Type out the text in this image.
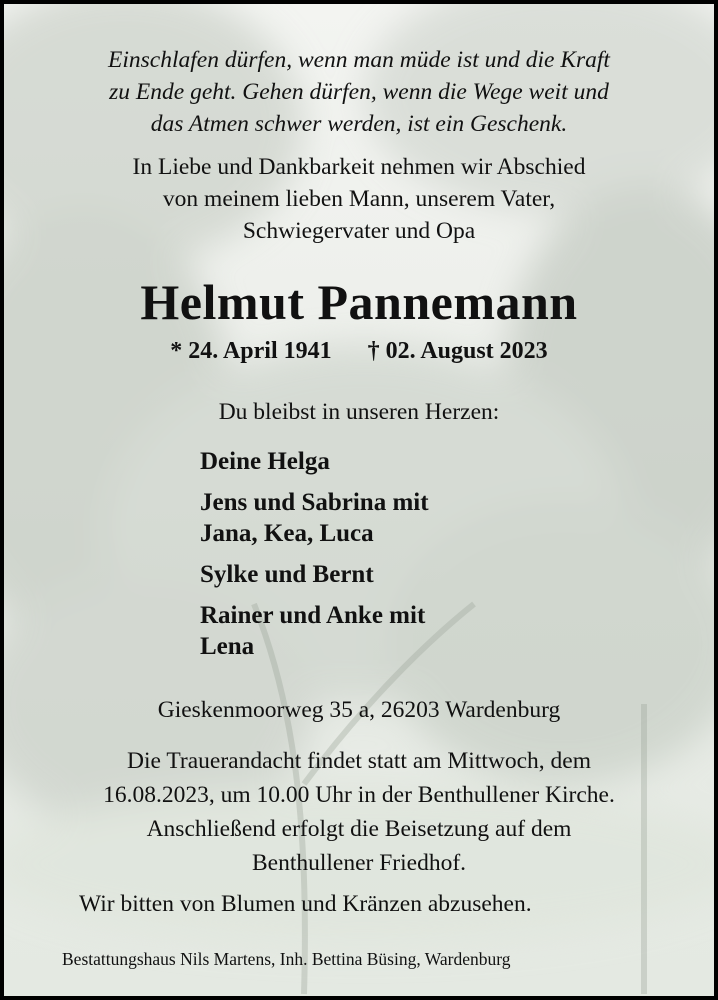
Einschlafen dürfen, wenn man müde ist und die Kraft
zu Ende geht. Gehen dürfen, wenn die Wege weit und
das Atmen schwer werden, ist ein Geschenk.

In Liebe und Dankbarkeit nehmen wir Abschied
von meinem lieben Mann, unserem Vater,
Schwiegervater und Opa

Helmut Pannemann

* 24. April 1941 † 02. August 2023

Du bleibst in unseren Herzen:

Deine Helga

Jens und Sabrina mit
Jana, Kea, Luca

Sylke und Bernt

Rainer und Anke mit
Lena

Gieskenmoorweg 35 a, 26203 Wardenburg

Die Trauerandacht findet statt am Mittwoch, dem
16.08.2023, um 10.00 Uhr in der Benthullener Kirche.
Anschließend erfolgt die Beisetzung auf dem
Benthullener Friedhof.

Wir bitten von Blumen und Kränzen abzusehen.

Bestattungshaus Nils Martens, Inh. Bettina Büsing, Wardenburg
